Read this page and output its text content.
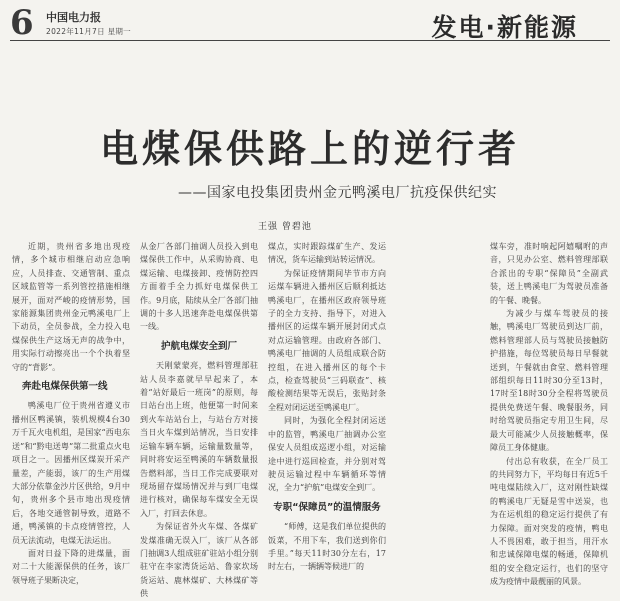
6 中国电力报
2022年11月7日 星期一	发电·新能源
电煤保供路上的逆行者
——国家电投集团贵州金元鸭溪电厂抗疫保供纪实
王强 曾碧池

近期，贵州省多地出现疫情，多个城市相继启动应急响应，人员排查、交通管制、重点区域监管等一系列管控措施相继展开，面对严峻的疫情形势，国家能源集团贵州金元鸭溪电厂上下动员，全员参战，全力投入电煤保供生产这场无声的战争中，用实际行动擦亮出一个个执着坚守的“背影”。

奔赴电煤保供第一线

鸭溪电厂位于贵州省遵义市播州区鸭溪镇，装机规模4台30万千瓦火电机组，是国家“西电东送”和“黔电送粤”第二批重点火电项目之一。因播州区煤炭开采产量差，产能弱，该厂的生产用煤大部分依靠金沙片区供给，9月中旬，贵州多个县市地出现疫情后，各地交通管制导致，道路不通，鸭溪镇的卡点疫情管控，人员无法流动，电煤无法运出。

面对日益下降的进煤量，面对二十大能源保供的任务，该厂领导班子果断决定，

从金厂各部门抽调人员投入到电煤保供工作中，从采购协商、电煤运输、电煤接卸、疫情防控四方面着手全力抓好电煤保供工作。9月底，陆续从全厂各部门抽调的十多人迅速奔赴电煤保供第一线。

护航电煤安全到厂

天刚蒙蒙亮，燃料管理部驻站人员李嘉就早早起来了，本着“站好最后一班岗”的原则，每日站台出上班，他便第一时间来到火车站站台上，与站台方对接当日火车煤到站情况，当日安排运输车辆车辆，运输量数量等，同时将安运至鸭溪的车辆数量报告燃料部，当日工作完成要联对现场留存煤场情况并与到厂电煤进行核对，确保每车煤安全无误入厂，打回去休息。

为保证省外火车煤、各煤矿发煤准确无误入厂，该厂从各部门抽调3人组成驻矿驻站小组分别驻守在李家湾货运站、鲁家坎场货运站、鹿林煤矿、大林煤矿等供

煤点，实时跟踪煤矿生产、发运情况，货车运输到站转运情况。

为保证疫情期间毕节市方向运煤车辆进入播州区后顺利抵达鸭溪电厂，在播州区政府领导班子的全力支持、指导下，对进入播州区的运煤车辆开展封闭式点对点运输管理。由政府各部门、鸭溪电厂抽调的人员组成联合防控组，在进入播州区的每个卡点，检查驾驶员“三码联查”、核酸检测结果等无误后，张贴封条全程对闭运送至鸭溪电厂。

同时，为强化全程封闭运送中的监管，鸭溪电厂抽调办公室保安人员组成巡逻小组，对运输途中进行巡回检查，并分别对驾驶员运输过程中车辆循环等情况，全力“护航”电煤安全到厂。

专职“保障员”的温情服务

“师傅，这是我们单位提供的饭菜，不用下车，我们送到你们手里。”每天11时30分左右，17时左右，一辆辆等候进厂的

煤车旁，准时响起阿嬉嘱咐的声音，只见办公室、燃料管理部联合派出的专职“保障员”全副武装，送上鸭溪电厂为驾驶员准备的午餐、晚餐。

为减少与煤车驾驶员的接触，鸭溪电厂驾驶员到达厂前，燃料管理部人员与驾驶员接触防护措施，每位驾驶员每日早餐就送到，午餐就由食堂、燃料管理部组织每日11时30分至13时，17时至18时30分全程将驾驶员提供免费送午餐、晚餐服务，同时给驾驶员指定专用卫生间，尽最大可能减少人员接触概率，保障员工身体健康。

付出总有收获，在全厂员工的共同努力下，平均每日有近5千吨电煤陆续入厂，这对刚性缺煤的鸭溪电厂无疑是雪中送炭，也为在运机组的稳定运行提供了有力保障。面对突发的疫情，鸭电人不畏困难，敢于担当，用汗水和忠诚保障电煤的畅通，保障机组的安全稳定运行，也们的坚守成为疫情中最靓丽的风景。
